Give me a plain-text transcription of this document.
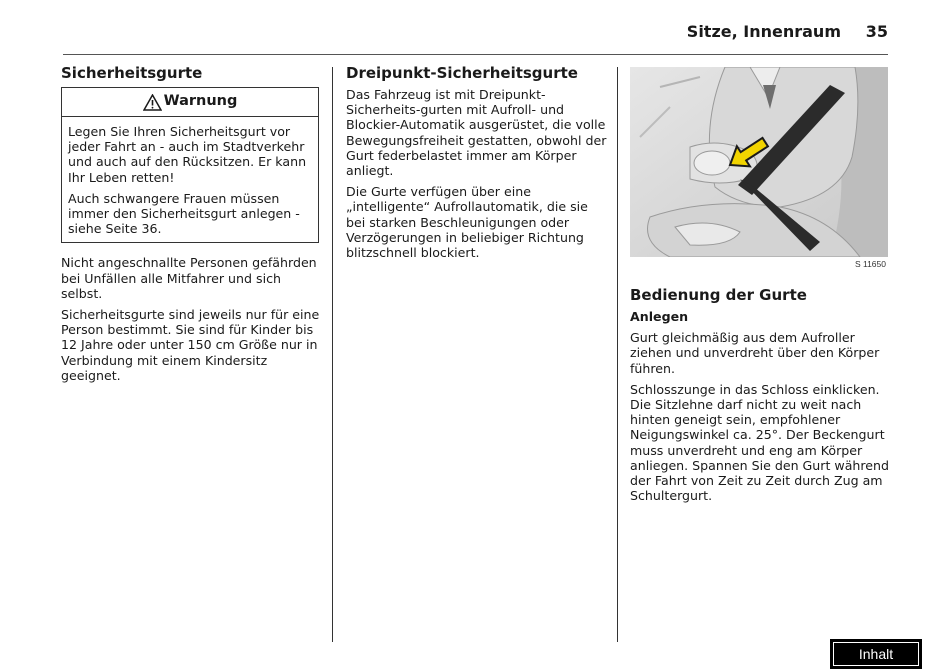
Sitze, Innenraum 35
Sicherheitsgurte
Warnung

Legen Sie Ihren Sicherheitsgurt vor jeder Fahrt an - auch im Stadtverkehr und auch auf den Rücksitzen. Er kann Ihr Leben retten!

Auch schwangere Frauen müssen immer den Sicherheitsgurt anlegen - siehe Seite 36.

Nicht angeschnallte Personen gefährden bei Unfällen alle Mitfahrer und sich selbst.

Sicherheitsgurte sind jeweils nur für eine Person bestimmt. Sie sind für Kinder bis 12 Jahre oder unter 150 cm Größe nur in Verbindung mit einem Kindersitz geeignet.

Dreipunkt-Sicherheitsgurte

Das Fahrzeug ist mit Dreipunkt-Sicherheits-gurten mit Aufroll- und Blockier-Automatik ausgerüstet, die volle Bewegungsfreiheit gestatten, obwohl der Gurt federbelastet immer am Körper anliegt.

Die Gurte verfügen über eine „intelligente“ Aufrollautomatik, die sie bei starken Beschleunigungen oder Verzögerungen in beliebiger Richtung blitzschnell blockiert.

S 11650
Bedienung der Gurte

Anlegen

Gurt gleichmäßig aus dem Aufroller ziehen und unverdreht über den Körper führen.

Schlosszunge in das Schloss einklicken. Die Sitzlehne darf nicht zu weit nach hinten geneigt sein, empfohlener Neigungswinkel ca. 25°. Der Beckengurt muss unverdreht und eng am Körper anliegen. Spannen Sie den Gurt während der Fahrt von Zeit zu Zeit durch Zug am Schultergurt.

Inhalt
